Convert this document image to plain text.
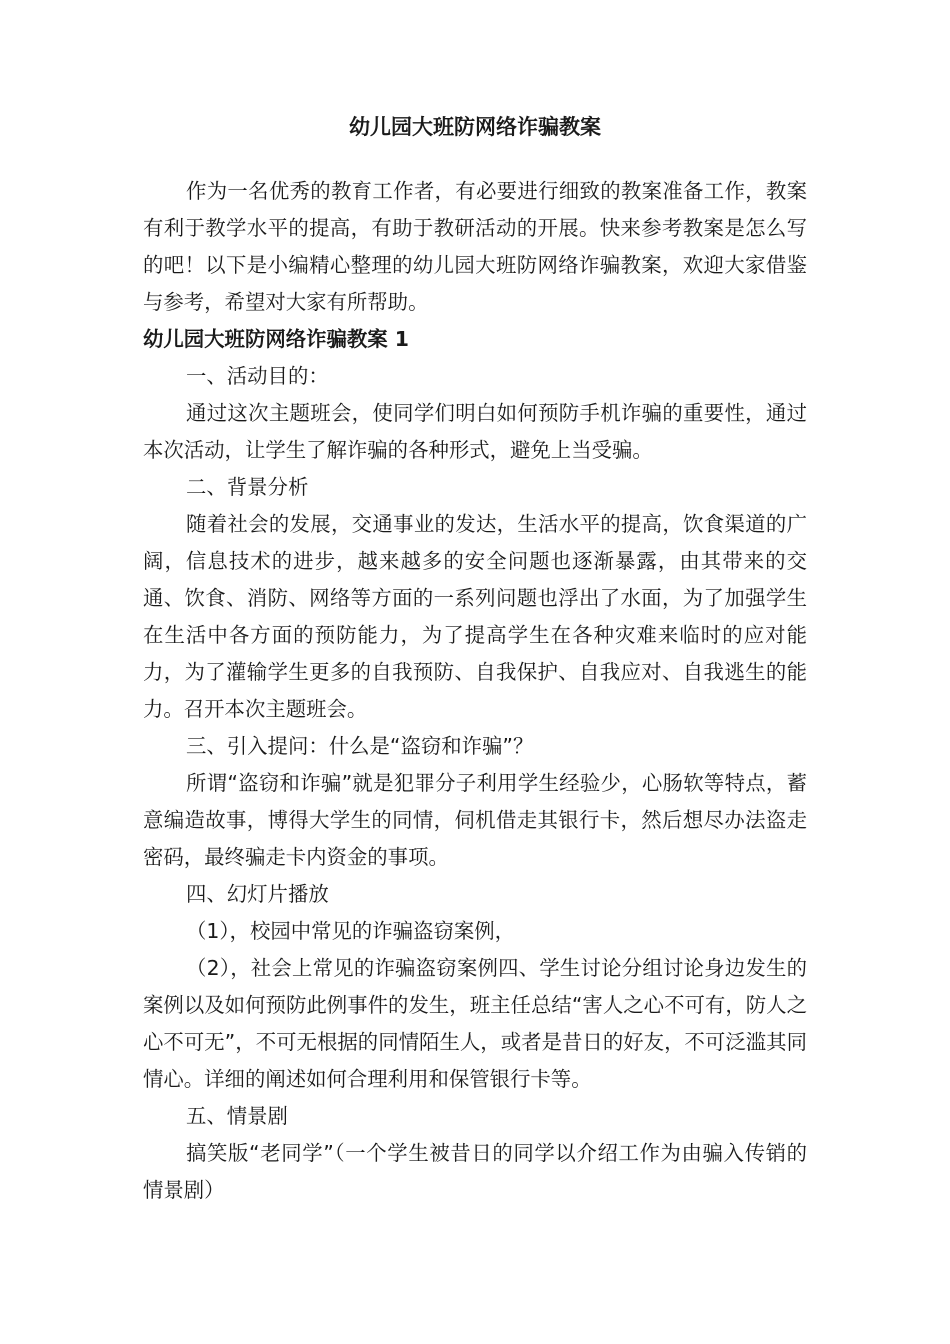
幼儿园大班防网络诈骗教案

作为一名优秀的教育工作者，有必要进行细致的教案准备工作，教案有利于教学水平的提高，有助于教研活动的开展。快来参考教案是怎么写的吧！以下是小编精心整理的幼儿园大班防网络诈骗教案，欢迎大家借鉴与参考，希望对大家有所帮助。

幼儿园大班防网络诈骗教案 1

一、活动目的：

通过这次主题班会，使同学们明白如何预防手机诈骗的重要性，通过本次活动，让学生了解诈骗的各种形式，避免上当受骗。

二、背景分析

随着社会的发展，交通事业的发达，生活水平的提高，饮食渠道的广阔，信息技术的进步，越来越多的安全问题也逐渐暴露，由其带来的交通、饮食、消防、网络等方面的一系列问题也浮出了水面，为了加强学生在生活中各方面的预防能力，为了提高学生在各种灾难来临时的应对能力，为了灌输学生更多的自我预防、自我保护、自我应对、自我逃生的能力。召开本次主题班会。

三、引入提问：什么是“盗窃和诈骗”？

所谓“盗窃和诈骗”就是犯罪分子利用学生经验少，心肠软等特点，蓄意编造故事，博得大学生的同情，伺机借走其银行卡，然后想尽办法盗走密码，最终骗走卡内资金的事项。

四、幻灯片播放

（1），校园中常见的诈骗盗窃案例，

（2），社会上常见的诈骗盗窃案例四、学生讨论分组讨论身边发生的案例以及如何预防此例事件的发生，班主任总结“害人之心不可有，防人之心不可无”，不可无根据的同情陌生人，或者是昔日的好友，不可泛滥其同情心。详细的阐述如何合理利用和保管银行卡等。

五、情景剧

搞笑版“老同学”（一个学生被昔日的同学以介绍工作为由骗入传销的情景剧）
